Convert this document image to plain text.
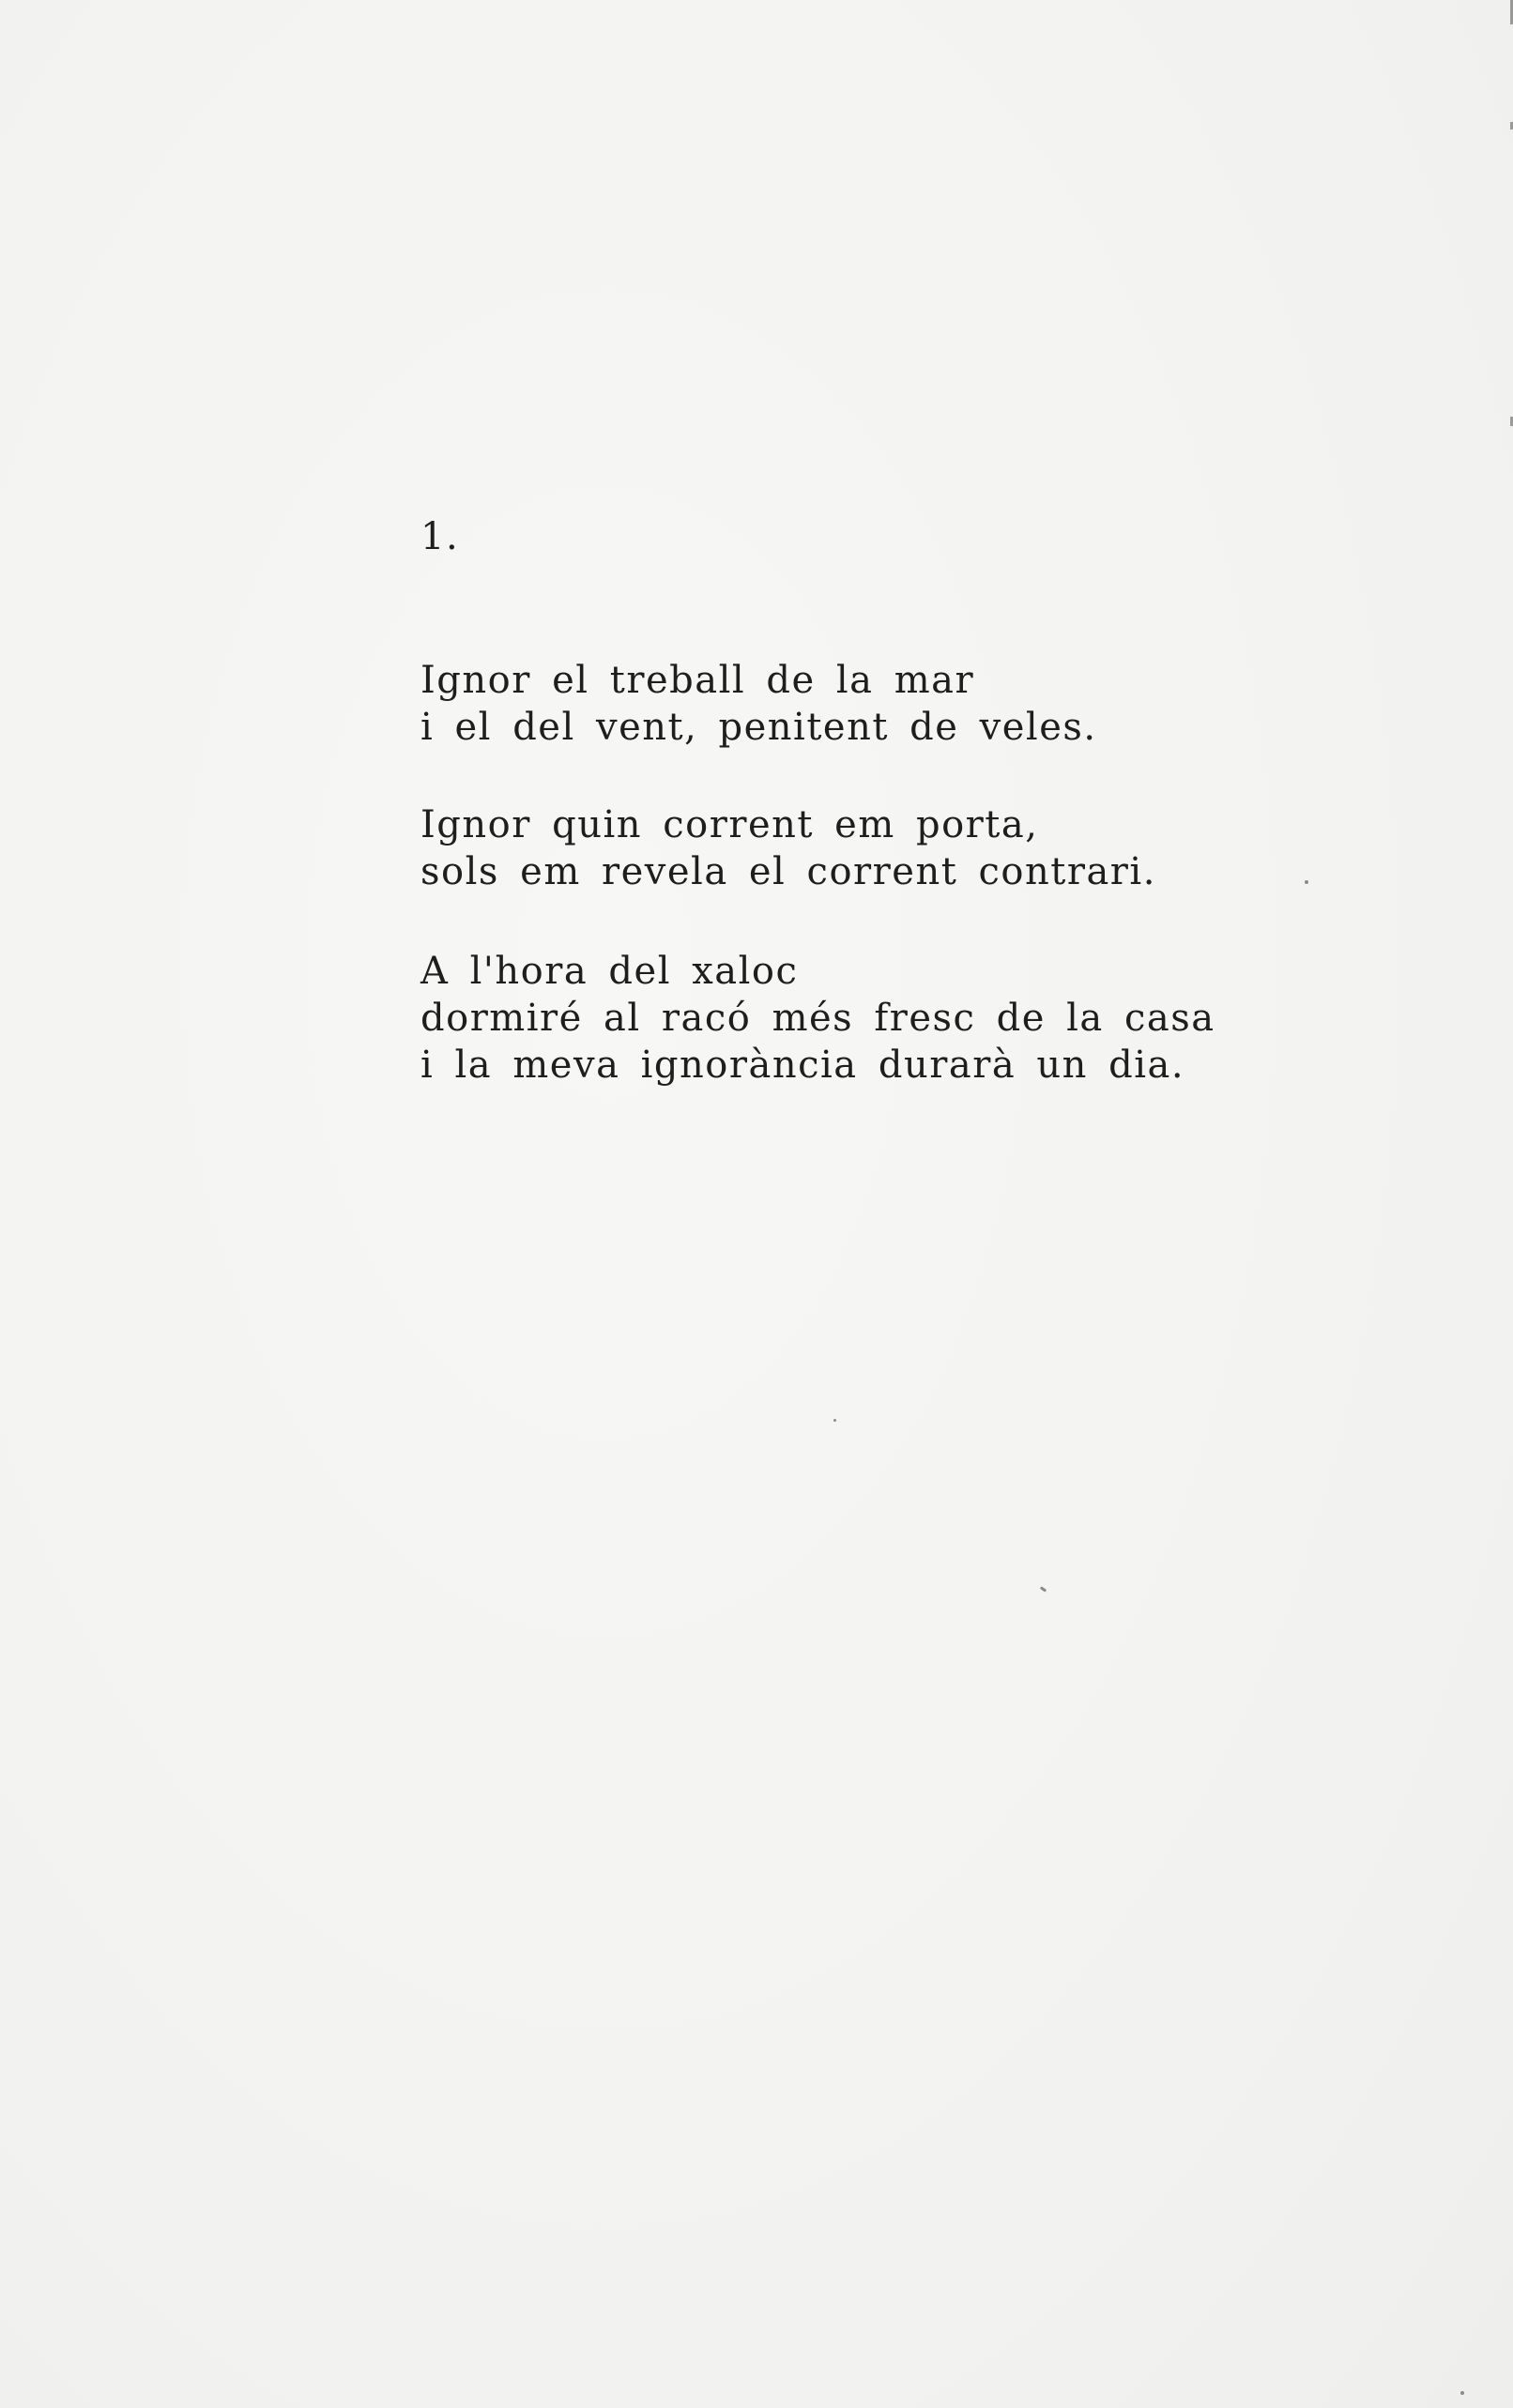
1.

Ignor el treball de la mar
i el del vent, penitent de veles.

Ignor quin corrent em porta,
sols em revela el corrent contrari.

A l'hora del xaloc
dormiré al racó més fresc de la casa
i la meva ignorància durarà un dia.
